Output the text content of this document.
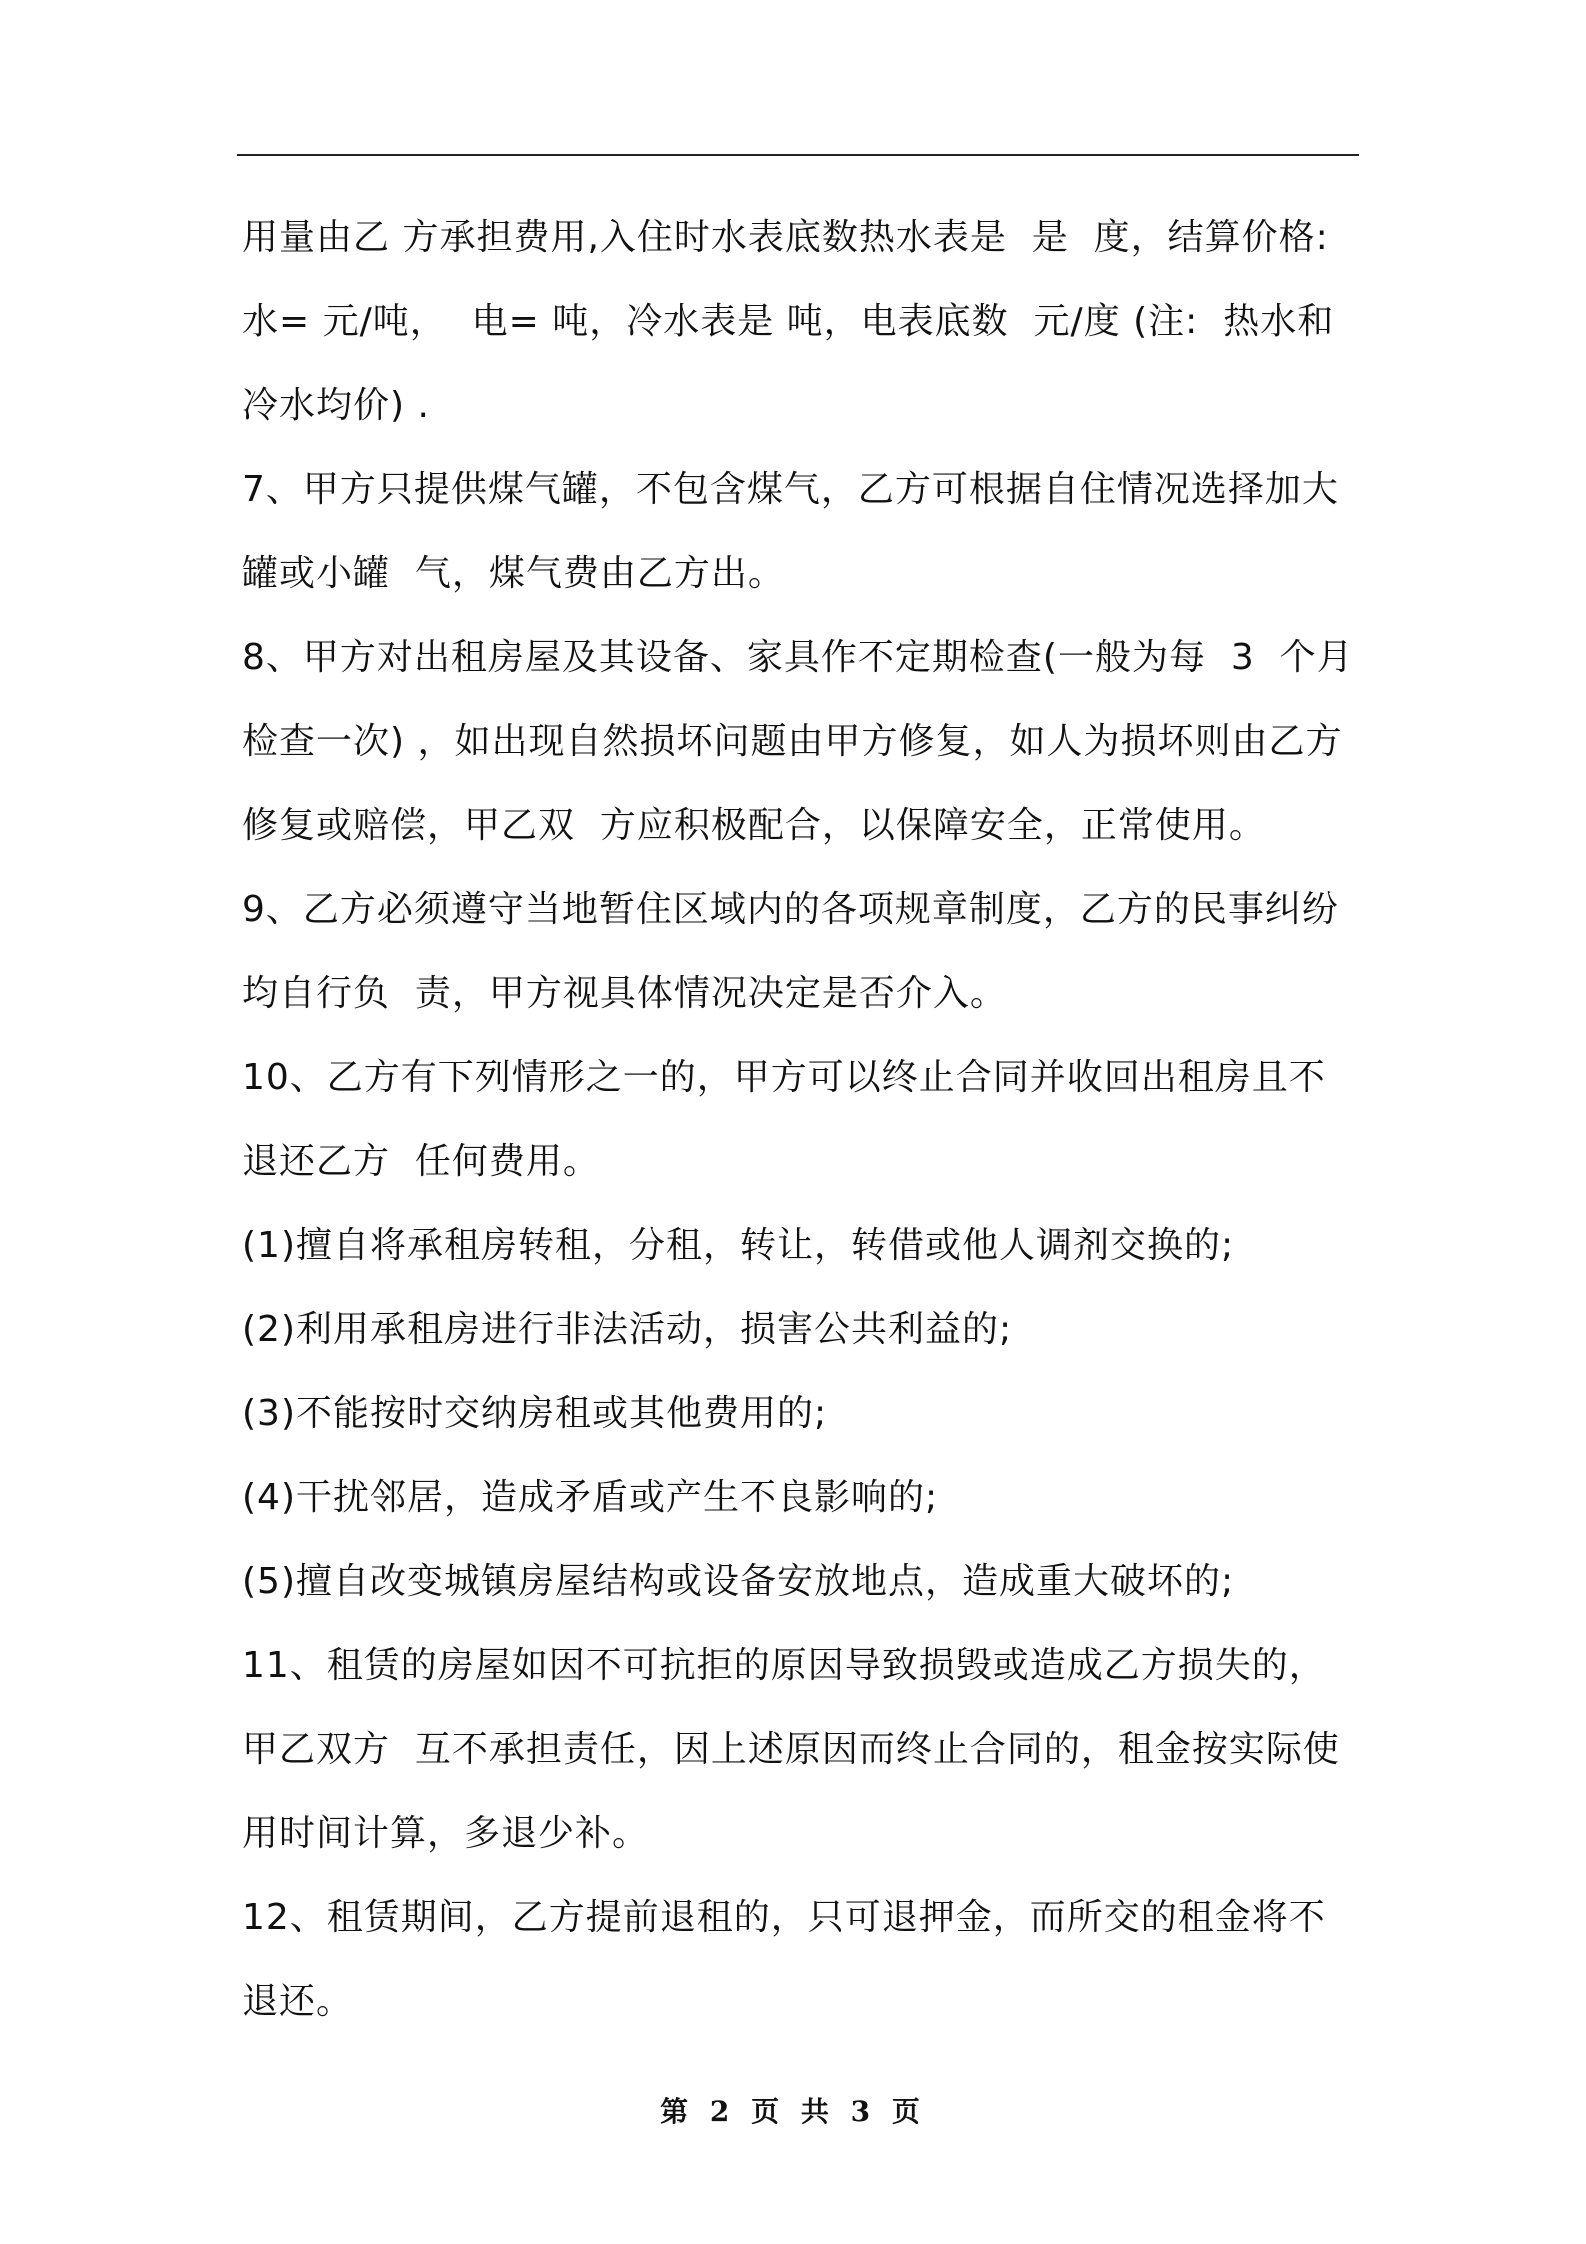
用量由乙 方承担费用,入住时水表底数热水表是  是  度，结算价格:
水= 元/吨，  电= 吨，冷水表是 吨，电表底数  元/度 (注:  热水和
冷水均价) .
7、甲方只提供煤气罐，不包含煤气，乙方可根据自住情况选择加大
罐或小罐  气，煤气费由乙方出。
8、甲方对出租房屋及其设备、家具作不定期检查(一般为每  3  个月
检查一次) ，如出现自然损坏问题由甲方修复，如人为损坏则由乙方
修复或赔偿，甲乙双  方应积极配合，以保障安全，正常使用。
9、乙方必须遵守当地暂住区域内的各项规章制度，乙方的民事纠纷
均自行负  责，甲方视具体情况决定是否介入。
10、乙方有下列情形之一的，甲方可以终止合同并收回出租房且不
退还乙方  任何费用。
(1)擅自将承租房转租，分租，转让，转借或他人调剂交换的;
(2)利用承租房进行非法活动，损害公共利益的;
(3)不能按时交纳房租或其他费用的;
(4)干扰邻居，造成矛盾或产生不良影响的;
(5)擅自改变城镇房屋结构或设备安放地点，造成重大破坏的;
11、租赁的房屋如因不可抗拒的原因导致损毁或造成乙方损失的，
甲乙双方  互不承担责任，因上述原因而终止合同的，租金按实际使
用时间计算，多退少补。
12、租赁期间，乙方提前退租的，只可退押金，而所交的租金将不
退还。
第 2 页 共 3 页
